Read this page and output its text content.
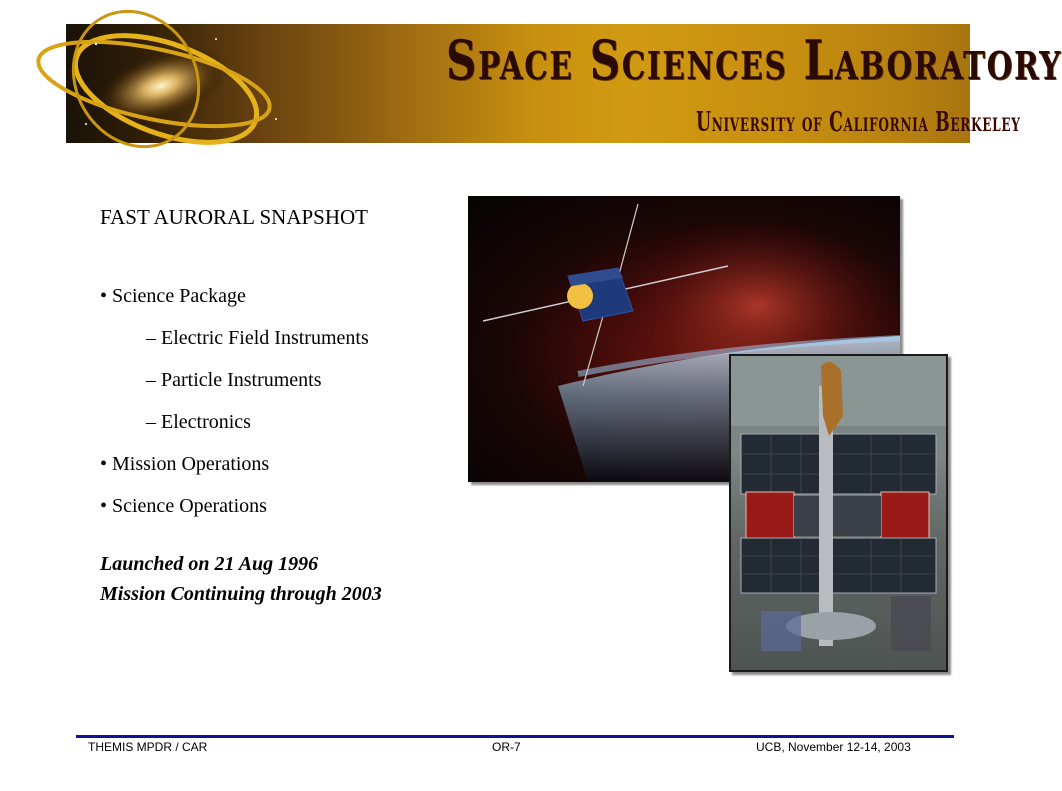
Space Sciences Laboratory
University of California Berkeley
FAST AURORAL SNAPSHOT
• Science Package
– Electric Field Instruments
– Particle Instruments
– Electronics
• Mission Operations
• Science Operations
Launched on 21 Aug 1996
Mission Continuing through 2003
THEMIS MPDR / CAR	OR-7	UCB, November 12-14, 2003
